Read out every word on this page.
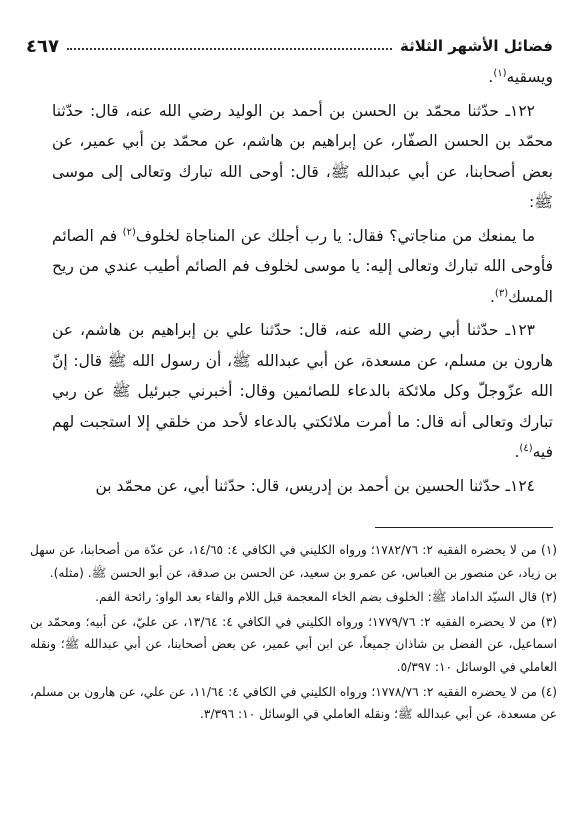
فضائل الأشهر الثلاثة
٤٦٧

ويسقيه$^{(١)}$.

١٢٢ـ حدّثنا محمّد بن الحسن بن أحمد بن الوليد رضي الله عنه، قال: حدّثنا محمّد بن الحسن الصفّار، عن إبراهيم بن هاشم، عن محمّد بن أبي عمير، عن بعض أصحابنا، عن أبي عبدالله ﷺ، قال: أوحى الله تبارك وتعالى إلى موسى ﷺ:

ما يمنعك من مناجاتي؟ فقال: يا رب أجلك عن المناجاة لخلوف$^{(٢)}$ فم الصائم فأوحى الله تبارك وتعالى إليه: يا موسى لخلوف فم الصائم أطيب عندي من ريح المسك$^{(٣)}$.

١٢٣ـ حدّثنا أبي رضي الله عنه، قال: حدّثنا علي بن إبراهيم بن هاشم، عن هارون بن مسلم، عن مسعدة، عن أبي عبدالله ﷺ، أن رسول الله ﷺ قال: إنّ الله عزّوجلّ وكل ملائكة بالدعاء للصائمين وقال: أخبرني جبرئيل ﷺ عن ربي تبارك وتعالى أنه قال: ما أمرت ملائكتي بالدعاء لأحد من خلقي إلا استجبت لهم فيه$^{(٤)}$.

١٢٤ـ حدّثنا الحسين بن أحمد بن إدريس، قال: حدّثنا أبي، عن محمّد بن

(١) من لا يحضره الفقيه ٢: ١٧٨٢/٧٦؛ ورواه الكليني في الكافي ٤: ١٤/٦٥، عن عدّة من أصحابنا، عن سهل بن زياد، عن منصور بن العباس، عن عمرو بن سعيد، عن الحسن بن صدقة، عن أبو الحسن ﷺ. (مثله).

(٢) قال السيّد الداماد ﷺ: الخلوف بضم الخاء المعجمة قبل اللام والفاء بعد الواو: رائحة الفم.

(٣) من لا يحضره الفقيه ٢: ١٧٧٩/٧٦؛ ورواه الكليني في الكافي ٤: ١٣/٦٤، عن عليّ، عن أبيه؛ ومحمّد بن اسماعيل، عن الفضل بن شاذان جميعاً، عن ابن أبي عمير، عن بعض أصحابنا، عن أبي عبدالله ﷺ؛ ونقله العاملي في الوسائل ١٠: ٥/٣٩٧.

(٤) من لا يحضره الفقيه ٢: ١٧٧٨/٧٦؛ ورواه الكليني في الكافي ٤: ١١/٦٤، عن علي، عن هارون بن مسلم، عن مسعدة، عن أبي عبدالله ﷺ؛ ونقله العاملي في الوسائل ١٠: ٣/٣٩٦.
